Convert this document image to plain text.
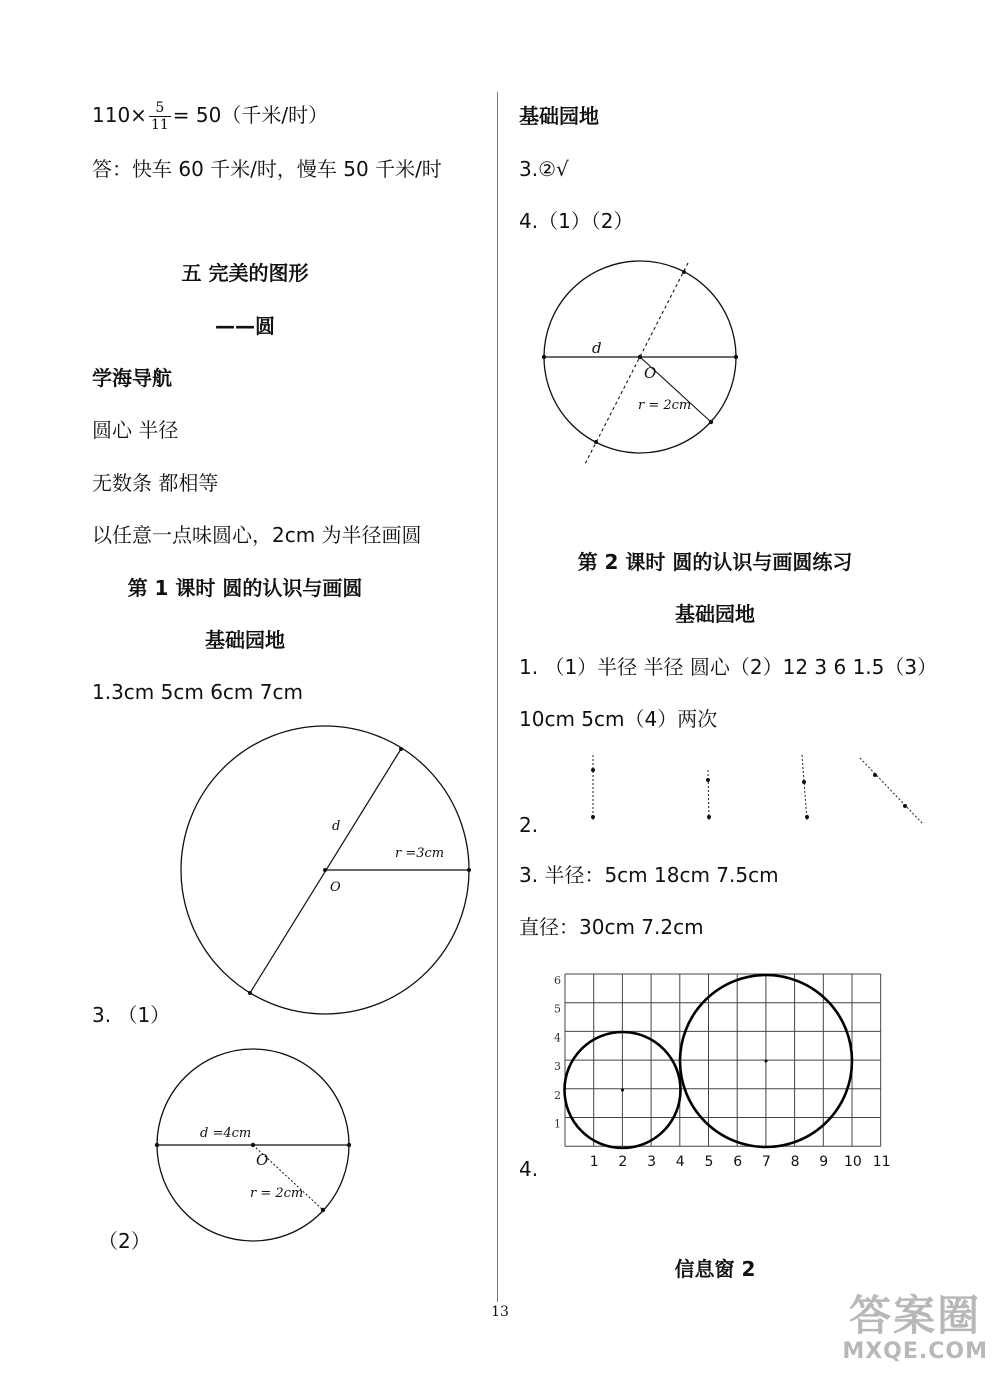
$110\times \frac{5}{11} = 50$（千米/时）
答：快车 60 千米/时，慢车 50 千米/时
五 完美的图形
——圆
学海导航
圆心 半径
无数条 都相等
以任意一点味圆心，2cm 为半径画圆
第 1 课时 圆的认识与画圆
基础园地
1.3cm 5cm 6cm 7cm
d
r =3cm
O
3. （1）
d =4cm
O
r = 2cm
（2）
基础园地
3.②√
4.（1）（2）
d
O
r = 2cm
第 2 课时 圆的认识与画圆练习
基础园地
1. （1）半径 半径 圆心（2）12 3 6 1.5（3）
10cm 5cm（4）两次
2.
3. 半径：5cm 18cm 7.5cm
直径：30cm 7.2cm
1
2
3
4
5
6
1 2 3 4 5 6 7 8 9 10 11
4.
信息窗 2
13	答案圈
MXQE.COM
